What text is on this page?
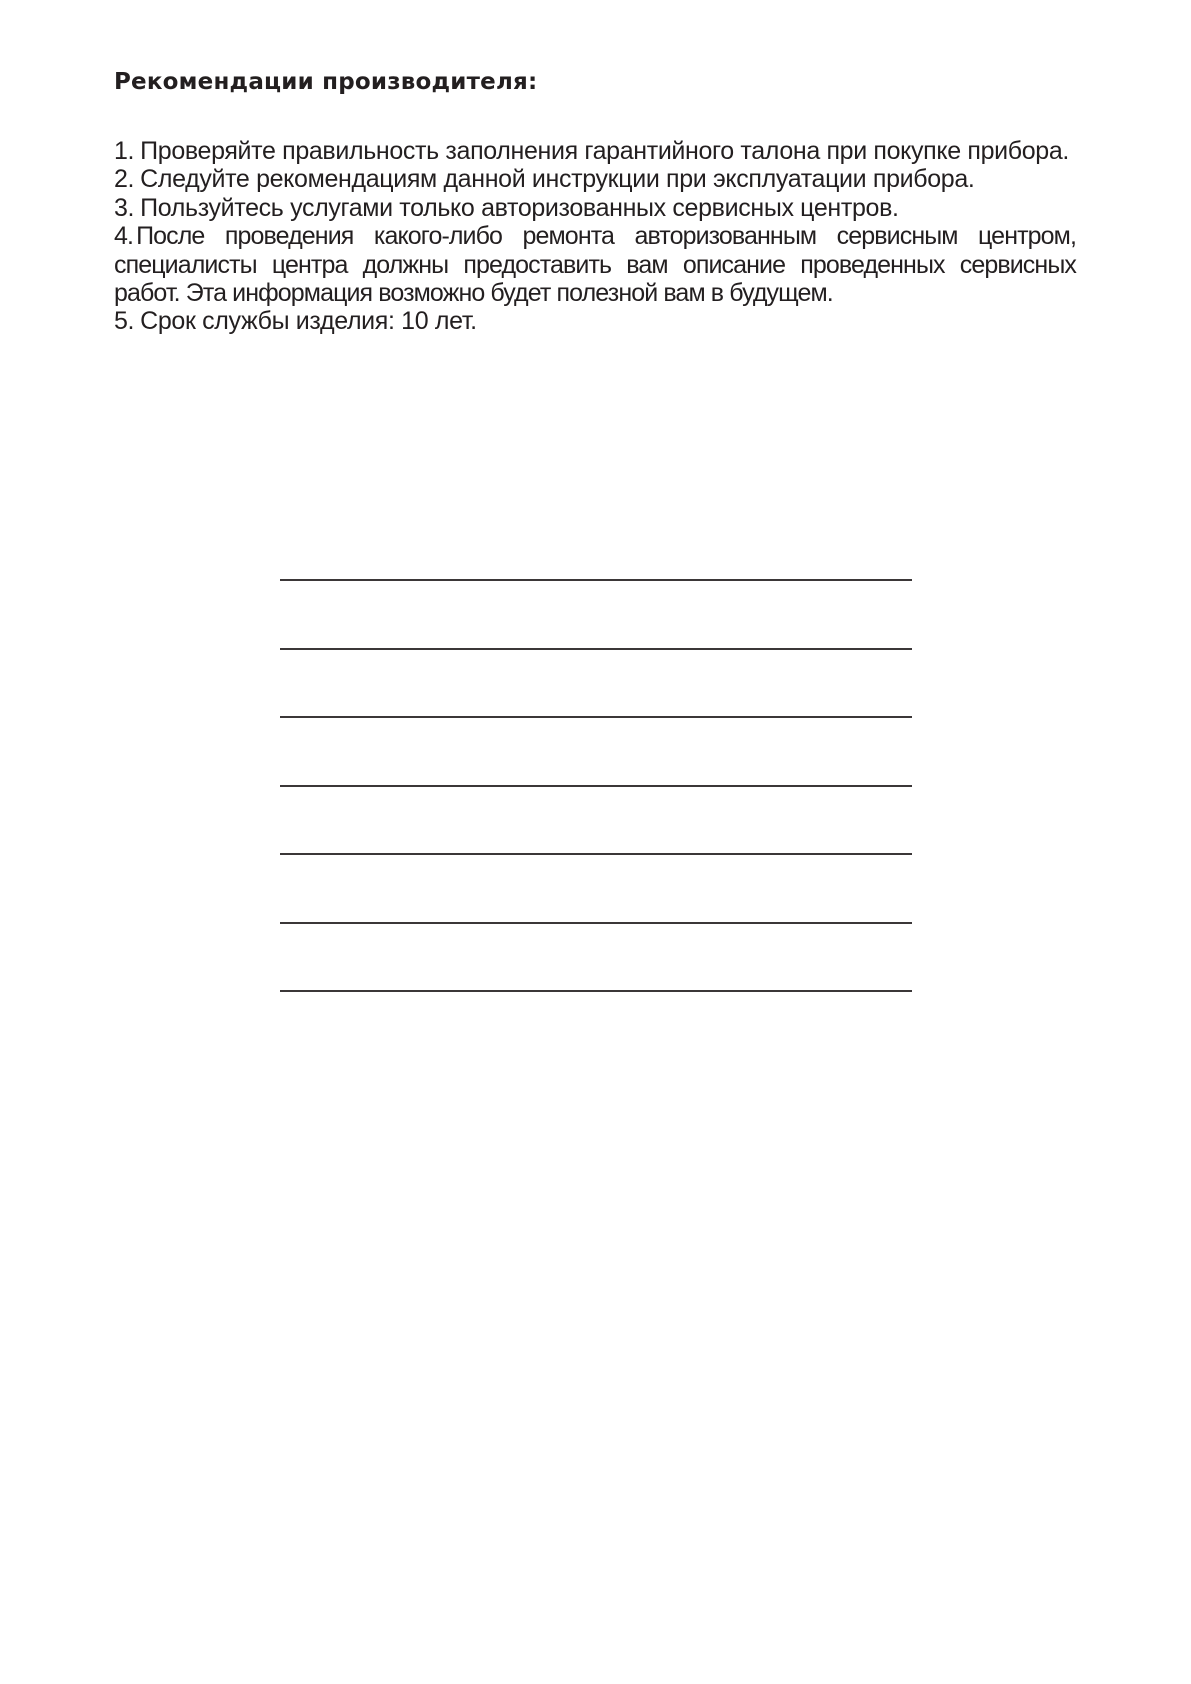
Рекомендации производителя:
1. Проверяйте правильность заполнения гарантийного талона при покупке прибора.
2. Следуйте рекомендациям данной инструкции при эксплуатации прибора.
3. Пользуйтесь услугами только авторизованных сервисных центров.
4. После проведения какого-либо ремонта авторизованным сервисным центром, специалисты центра должны предоставить вам описание проведенных сервисных работ. Эта информация возможно будет полезной вам в будущем.
5. Срок службы изделия: 10 лет.
